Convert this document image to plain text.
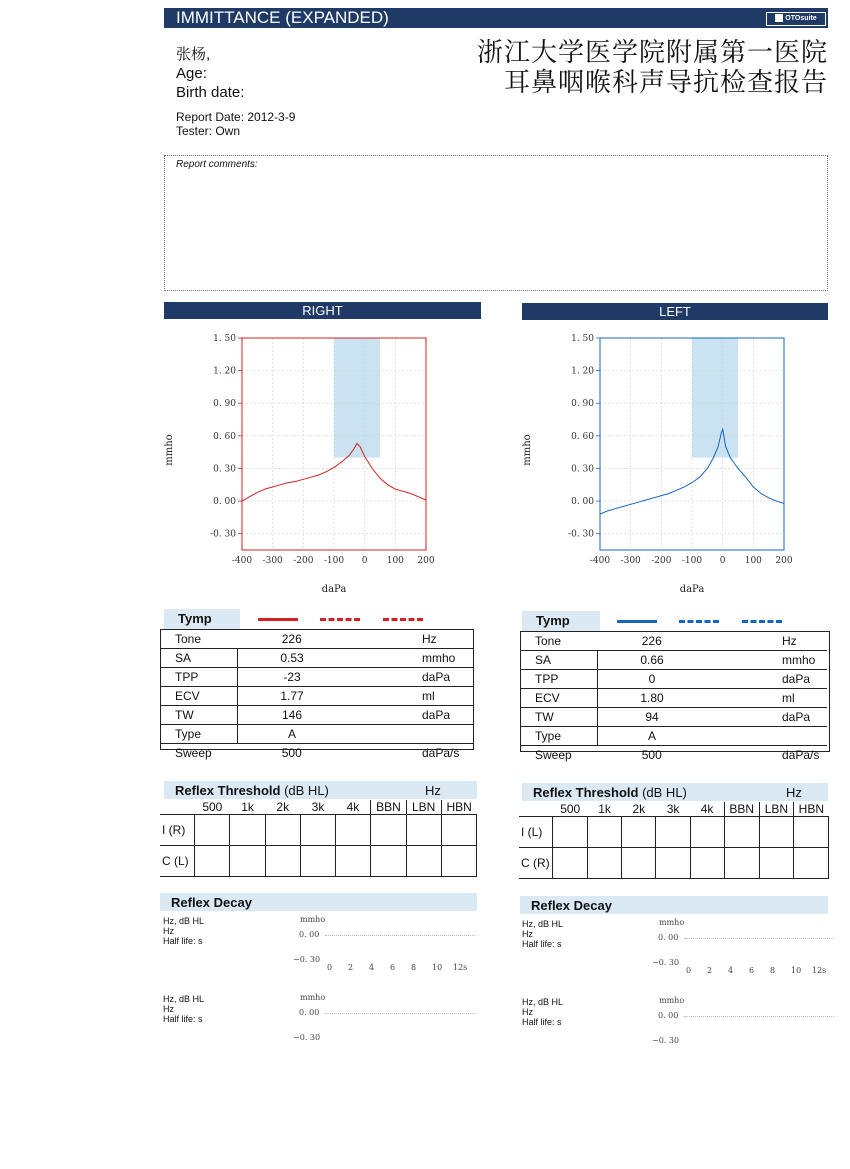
IMMITTANCE (EXPANDED)	OTOsuite
张杨,
Age:
Birth date:
Report Date: 2012-3-9
Tester: Own
浙江大学医学院附属第一医院
耳鼻咽喉科声导抗检查报告
Report comments:
RIGHT	LEFT
1. 50
1. 20
0. 90
0. 60
0. 30
0. 00
-0. 30
-400 -300 -200 -100 0 100 200
mmho
daPa
1. 50
1. 20
0. 90
0. 60
0. 30
0. 00
-0. 30
-400 -300 -200 -100 0 100 200
mmho
daPa
Tymp
Tone	226	Hz
SA	0.53	mmho
TPP	-23	daPa
ECV	1.77	ml
TW	146	daPa
Type	A	
Sweep	500	daPa/s
Tymp
Tone	226	Hz
SA	0.66	mmho
TPP	0	daPa
ECV	1.80	ml
TW	94	daPa
Type	A	
Sweep	500	daPa/s
Reflex Threshold (dB HL)	Hz
	500	1k	2k	3k	4k	BBN	LBN	HBN
I (R)								
C (L)								
Reflex Threshold (dB HL)	Hz
	500	1k	2k	3k	4k	BBN	LBN	HBN
I (L)								
C (R)								
Reflex Decay
Hz, dB HL
Hz
Half life: s
mmho
0. 00
−0. 30
0 2 4 6 8 10 12s
Hz, dB HL
Hz
Half life: s
mmho
0. 00
−0. 30
Reflex Decay
Hz, dB HL
Hz
Half life: s
mmho
0. 00
−0. 30
0 2 4 6 8 10 12s
Hz, dB HL
Hz
Half life: s
mmho
0. 00
−0. 30
